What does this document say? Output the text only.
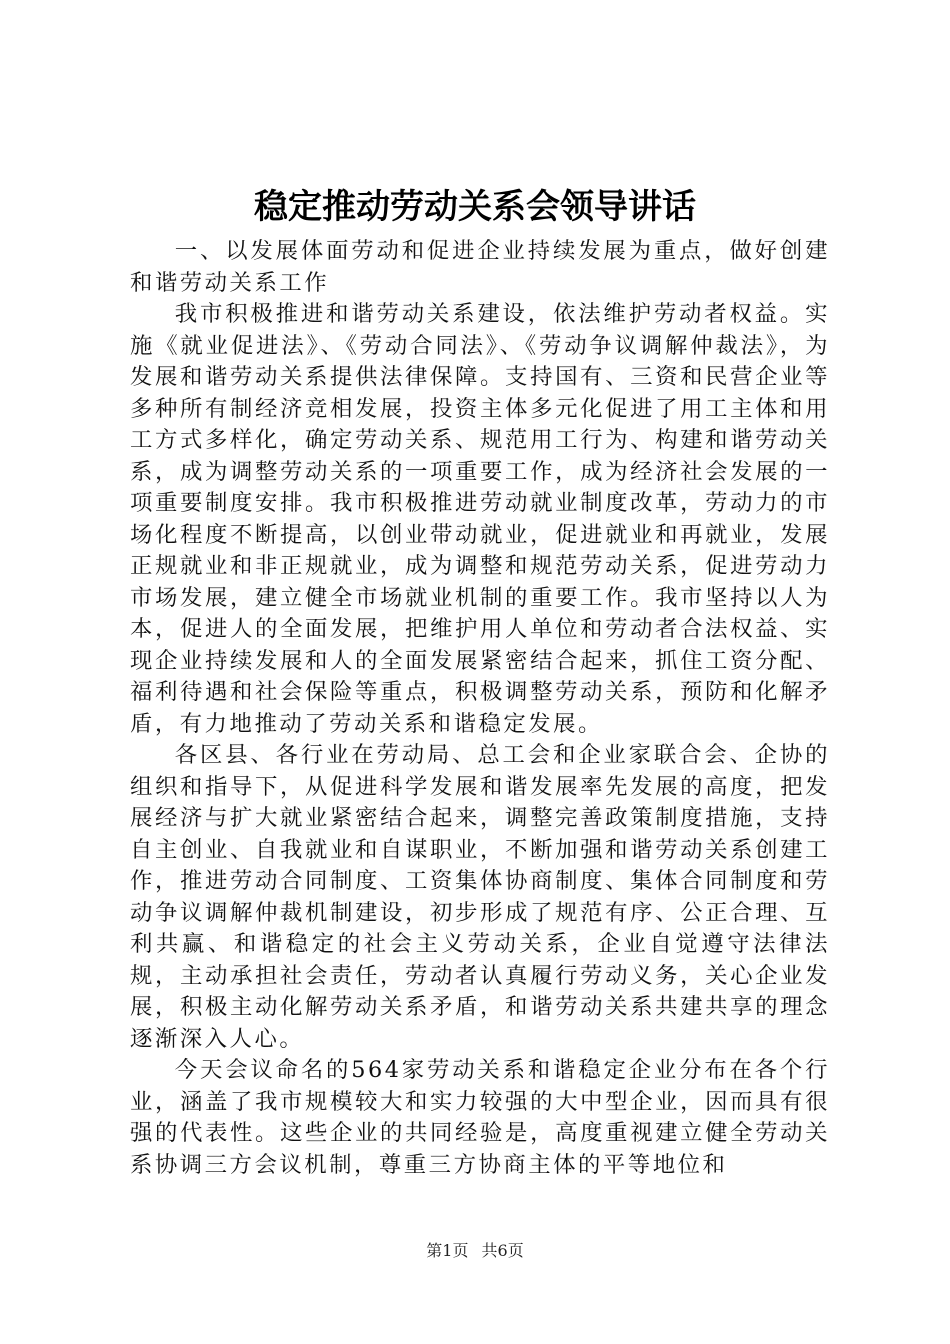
稳定推动劳动关系会领导讲话

一、以发展体面劳动和促进企业持续发展为重点，做好创建和谐劳动关系工作

我市积极推进和谐劳动关系建设，依法维护劳动者权益。实施《就业促进法》、《劳动合同法》、《劳动争议调解仲裁法》，为发展和谐劳动关系提供法律保障。支持国有、三资和民营企业等多种所有制经济竞相发展，投资主体多元化促进了用工主体和用工方式多样化，确定劳动关系、规范用工行为、构建和谐劳动关系，成为调整劳动关系的一项重要工作，成为经济社会发展的一项重要制度安排。我市积极推进劳动就业制度改革，劳动力的市场化程度不断提高，以创业带动就业，促进就业和再就业，发展正规就业和非正规就业，成为调整和规范劳动关系，促进劳动力市场发展，建立健全市场就业机制的重要工作。我市坚持以人为本，促进人的全面发展，把维护用人单位和劳动者合法权益、实现企业持续发展和人的全面发展紧密结合起来，抓住工资分配、福利待遇和社会保险等重点，积极调整劳动关系，预防和化解矛盾，有力地推动了劳动关系和谐稳定发展。

各区县、各行业在劳动局、总工会和企业家联合会、企协的组织和指导下，从促进科学发展和谐发展率先发展的高度，把发展经济与扩大就业紧密结合起来，调整完善政策制度措施，支持自主创业、自我就业和自谋职业，不断加强和谐劳动关系创建工作，推进劳动合同制度、工资集体协商制度、集体合同制度和劳动争议调解仲裁机制建设，初步形成了规范有序、公正合理、互利共赢、和谐稳定的社会主义劳动关系，企业自觉遵守法律法规，主动承担社会责任，劳动者认真履行劳动义务，关心企业发展，积极主动化解劳动关系矛盾，和谐劳动关系共建共享的理念逐渐深入人心。

今天会议命名的564家劳动关系和谐稳定企业分布在各个行业，涵盖了我市规模较大和实力较强的大中型企业，因而具有很强的代表性。这些企业的共同经验是，高度重视建立健全劳动关系协调三方会议机制，尊重三方协商主体的平等地位和

第1页 共6页
